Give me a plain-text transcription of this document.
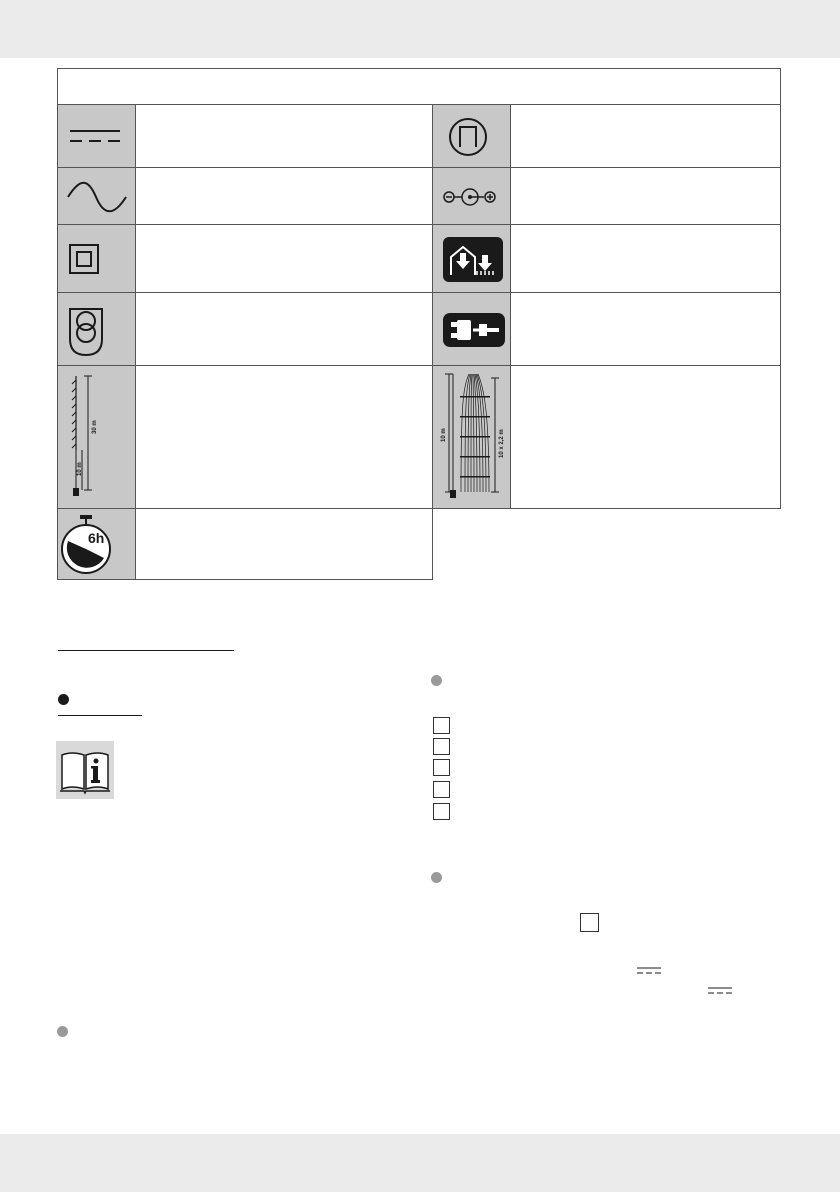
30 m
10 m
6h
10 m	10 x 2,2 m
